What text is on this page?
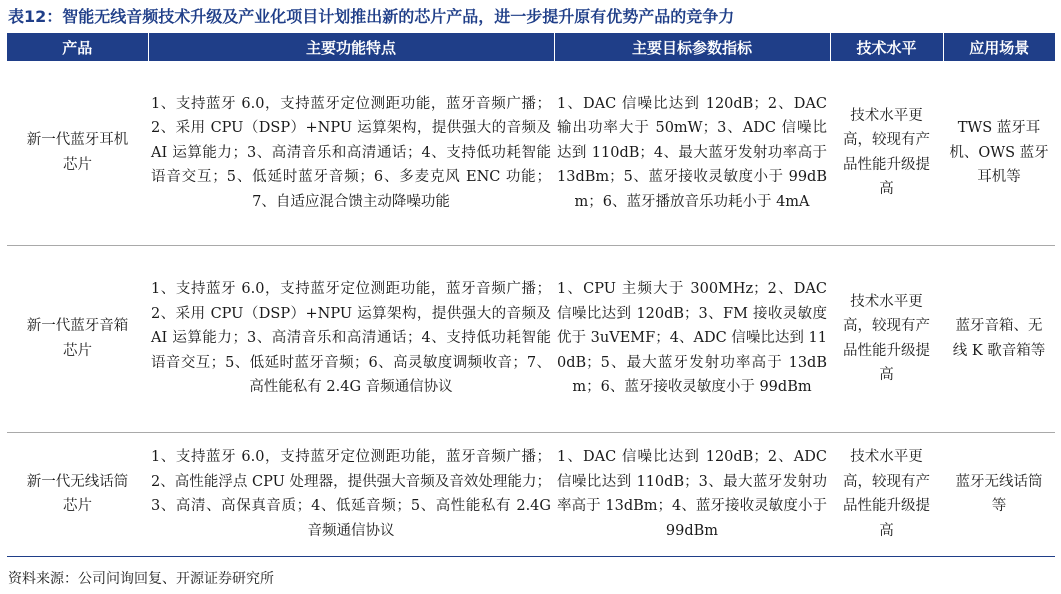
表12：智能无线音频技术升级及产业化项目计划推出新的芯片产品，进一步提升原有优势产品的竞争力
产品	主要功能特点	主要目标参数指标	技术水平	应用场景
新一代蓝牙耳机芯片	1、支持蓝牙 6.0，支持蓝牙定位测距功能，蓝牙音频广播；2、采用 CPU（DSP）+NPU 运算架构，提供强大的音频及 AI 运算能力；3、高清音乐和高清通话；4、支持低功耗智能语音交互；5、低延时蓝牙音频；6、多麦克风 ENC 功能；7、自适应混合馈主动降噪功能	1、DAC 信噪比达到 120dB；2、DAC 输出功率大于 50mW；3、ADC 信噪比达到 110dB；4、最大蓝牙发射功率高于 13dBm；5、蓝牙接收灵敏度小于 99dBm；6、蓝牙播放音乐功耗小于 4mA	技术水平更高，较现有产品性能升级提高	TWS 蓝牙耳机、OWS 蓝牙耳机等
新一代蓝牙音箱芯片	1、支持蓝牙 6.0，支持蓝牙定位测距功能，蓝牙音频广播；2、采用 CPU（DSP）+NPU 运算架构，提供强大的音频及 AI 运算能力；3、高清音乐和高清通话；4、支持低功耗智能语音交互；5、低延时蓝牙音频；6、高灵敏度调频收音；7、高性能私有 2.4G 音频通信协议	1、CPU 主频大于 300MHz；2、DAC 信噪比达到 120dB；3、FM 接收灵敏度优于 3uVEMF；4、ADC 信噪比达到 110dB；5、最大蓝牙发射功率高于 13dBm；6、蓝牙接收灵敏度小于 99dBm	技术水平更高，较现有产品性能升级提高	蓝牙音箱、无线 K 歌音箱等
新一代无线话筒芯片	1、支持蓝牙 6.0，支持蓝牙定位测距功能，蓝牙音频广播；2、高性能浮点 CPU 处理器，提供强大音频及音效处理能力；3、高清、高保真音质；4、低延音频；5、高性能私有 2.4G 音频通信协议	1、DAC 信噪比达到 120dB；2、ADC 信噪比达到 110dB；3、最大蓝牙发射功率高于 13dBm；4、蓝牙接收灵敏度小于 99dBm	技术水平更高，较现有产品性能升级提高	蓝牙无线话筒等
资料来源：公司问询回复、开源证券研究所
